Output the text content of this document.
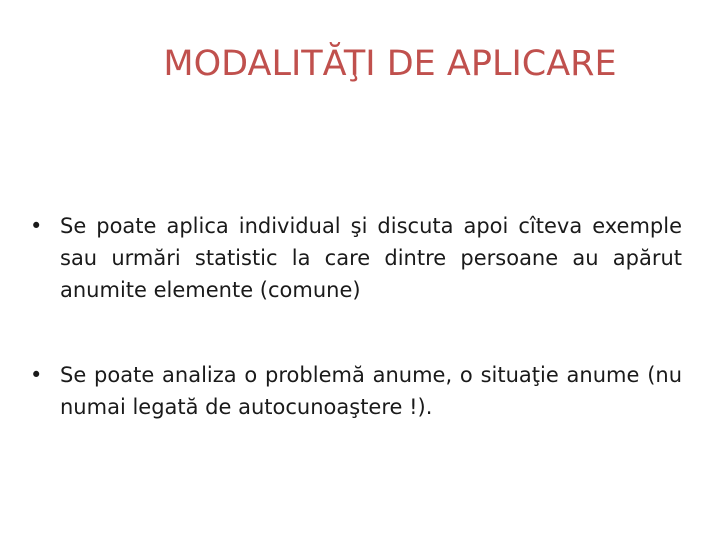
MODALITĂŢI DE APLICARE
• Se poate aplica individual şi discuta apoi cîteva exemple sau urmări statistic la care dintre persoane au apărut anumite elemente (comune)
• Se poate analiza o problemă anume, o situaţie anume (nu numai legată de autocunoaştere !).
